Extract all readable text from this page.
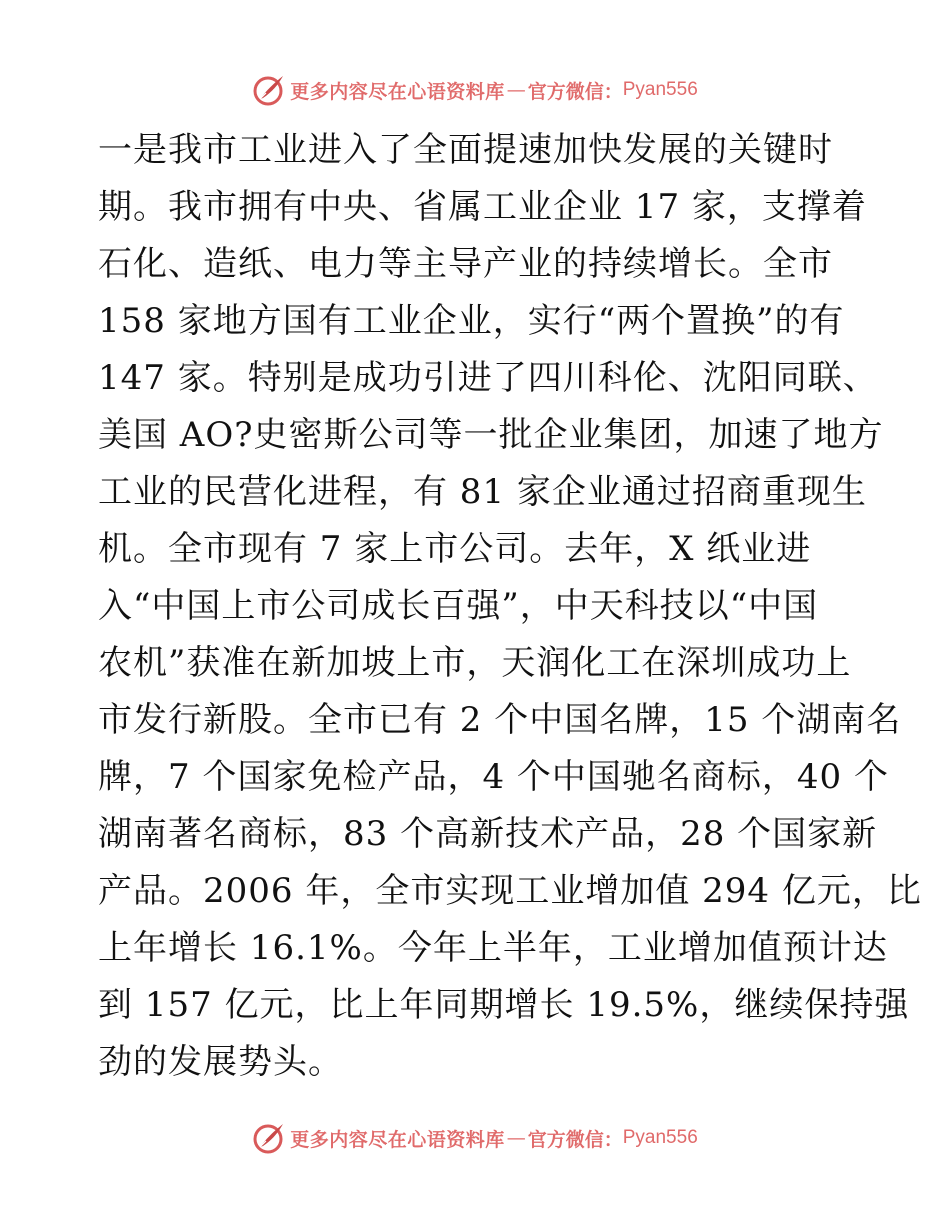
更多内容尽在心语资料库 — 官方微信： Pyan556
一是我市工业进入了全面提速加快发展的关键时
期。我市拥有中央、省属工业企业 17 家，支撑着
石化、造纸、电力等主导产业的持续增长。全市
158 家地方国有工业企业，实行“两个置换”的有
147 家。特别是成功引进了四川科伦、沈阳同联、
美国 AO?史密斯公司等一批企业集团，加速了地方
工业的民营化进程，有 81 家企业通过招商重现生
机。全市现有 7 家上市公司。去年，X 纸业进
入“中国上市公司成长百强”，中天科技以“中国
农机”获准在新加坡上市，天润化工在深圳成功上
市发行新股。全市已有 2 个中国名牌，15 个湖南名
牌，7 个国家免检产品，4 个中国驰名商标，40 个
湖南著名商标，83 个高新技术产品，28 个国家新
产品。2006 年，全市实现工业增加值 294 亿元，比
上年增长 16.1%。今年上半年，工业增加值预计达
到 157 亿元，比上年同期增长 19.5%，继续保持强
劲的发展势头。
更多内容尽在心语资料库 — 官方微信： Pyan556
